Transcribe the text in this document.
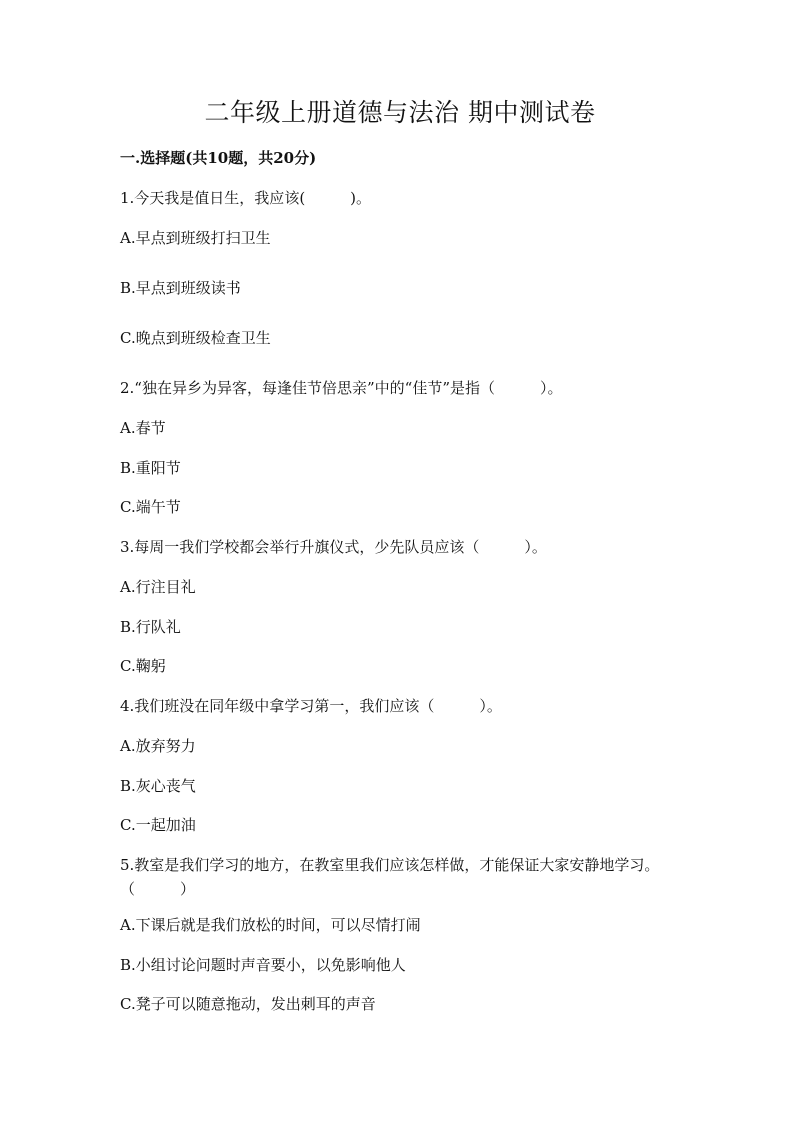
二年级上册道德与法治 期中测试卷
一.选择题(共10题，共20分)
1.今天我是值日生，我应该(　　　)。
A.早点到班级打扫卫生
B.早点到班级读书
C.晚点到班级检查卫生
2.“独在异乡为异客，每逢佳节倍思亲”中的“佳节”是指（　　　）。
A.春节
B.重阳节
C.端午节
3.每周一我们学校都会举行升旗仪式，少先队员应该（　　　）。
A.行注目礼
B.行队礼
C.鞠躬
4.我们班没在同年级中拿学习第一，我们应该（　　　）。
A.放弃努力
B.灰心丧气
C.一起加油
5.教室是我们学习的地方，在教室里我们应该怎样做，才能保证大家安静地学习。（　　　）
A.下课后就是我们放松的时间，可以尽情打闹
B.小组讨论问题时声音要小，以免影响他人
C.凳子可以随意拖动，发出刺耳的声音
